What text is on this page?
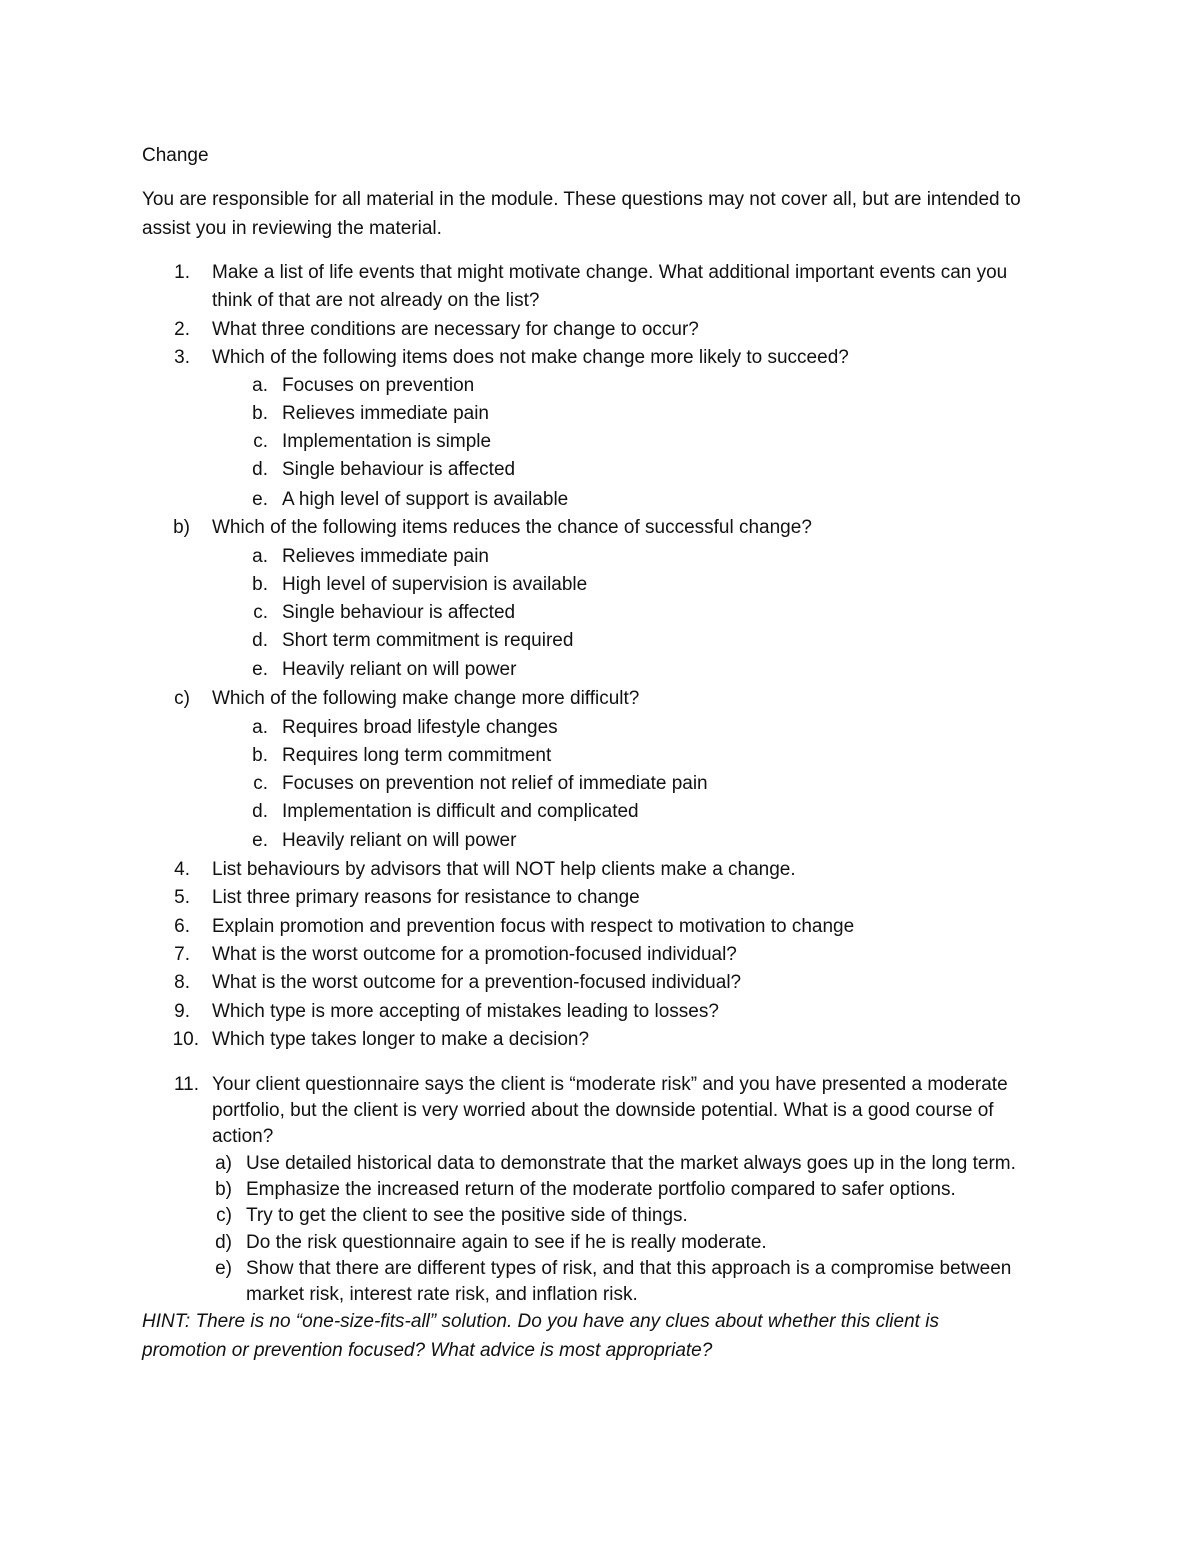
Change
You are responsible for all material in the module. These questions may not cover all, but are intended to
assist you in reviewing the material.
1. Make a list of life events that might motivate change. What additional important events can you
think of that are not already on the list?
2. What three conditions are necessary for change to occur?
3. Which of the following items does not make change more likely to succeed?
a. Focuses on prevention
b. Relieves immediate pain
c. Implementation is simple
d. Single behaviour is affected
e. A high level of support is available
b) Which of the following items reduces the chance of successful change?
a. Relieves immediate pain
b. High level of supervision is available
c. Single behaviour is affected
d. Short term commitment is required
e. Heavily reliant on will power
c) Which of the following make change more difficult?
a. Requires broad lifestyle changes
b. Requires long term commitment
c. Focuses on prevention not relief of immediate pain
d. Implementation is difficult and complicated
e. Heavily reliant on will power
4. List behaviours by advisors that will NOT help clients make a change.
5. List three primary reasons for resistance to change
6. Explain promotion and prevention focus with respect to motivation to change
7. What is the worst outcome for a promotion-focused individual?
8. What is the worst outcome for a prevention-focused individual?
9. Which type is more accepting of mistakes leading to losses?
10. Which type takes longer to make a decision?
11. Your client questionnaire says the client is “moderate risk” and you have presented a moderate
portfolio, but the client is very worried about the downside potential. What is a good course of
action?
a) Use detailed historical data to demonstrate that the market always goes up in the long term.
b) Emphasize the increased return of the moderate portfolio compared to safer options.
c) Try to get the client to see the positive side of things.
d) Do the risk questionnaire again to see if he is really moderate.
e) Show that there are different types of risk, and that this approach is a compromise between
market risk, interest rate risk, and inflation risk.
HINT: There is no “one-size-fits-all” solution. Do you have any clues about whether this client is
promotion or prevention focused? What advice is most appropriate?
